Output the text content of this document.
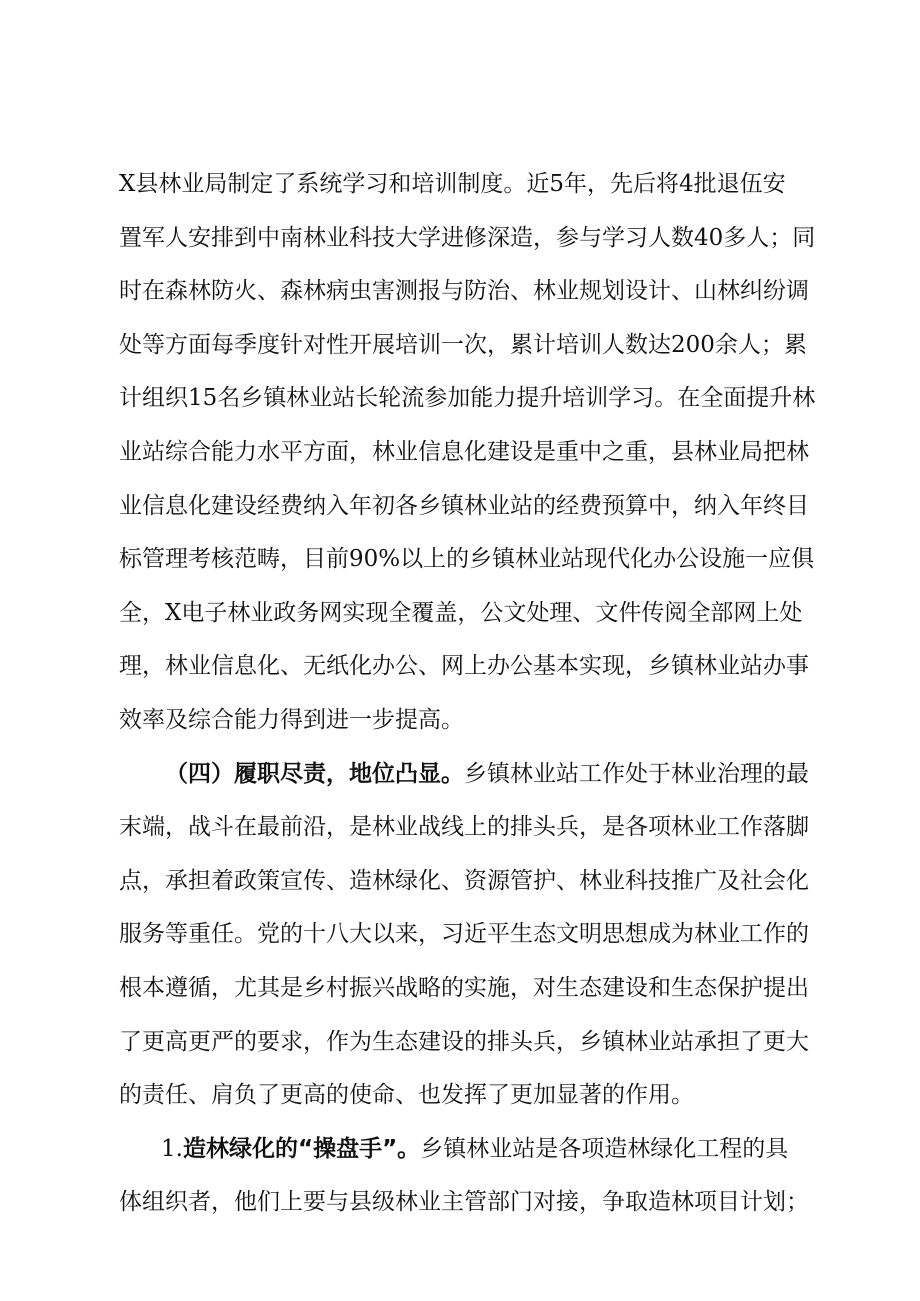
X县林业局制定了系统学习和培训制度。近5年，先后将4批退伍安
置军人安排到中南林业科技大学进修深造，参与学习人数40多人；同
时在森林防火、森林病虫害测报与防治、林业规划设计、山林纠纷调
处等方面每季度针对性开展培训一次，累计培训人数达200余人；累
计组织15名乡镇林业站长轮流参加能力提升培训学习。在全面提升林
业站综合能力水平方面，林业信息化建设是重中之重，县林业局把林
业信息化建设经费纳入年初各乡镇林业站的经费预算中，纳入年终目
标管理考核范畴，目前90%以上的乡镇林业站现代化办公设施一应俱
全，X电子林业政务网实现全覆盖，公文处理、文件传阅全部网上处
理，林业信息化、无纸化办公、网上办公基本实现，乡镇林业站办事
效率及综合能力得到进一步提高。
（四）履职尽责，地位凸显。乡镇林业站工作处于林业治理的最
末端，战斗在最前沿，是林业战线上的排头兵，是各项林业工作落脚
点，承担着政策宣传、造林绿化、资源管护、林业科技推广及社会化
服务等重任。党的十八大以来，习近平生态文明思想成为林业工作的
根本遵循，尤其是乡村振兴战略的实施，对生态建设和生态保护提出
了更高更严的要求，作为生态建设的排头兵，乡镇林业站承担了更大
的责任、肩负了更高的使命、也发挥了更加显著的作用。
1.造林绿化的“操盘手”。乡镇林业站是各项造林绿化工程的具
体组织者，他们上要与县级林业主管部门对接，争取造林项目计划；
